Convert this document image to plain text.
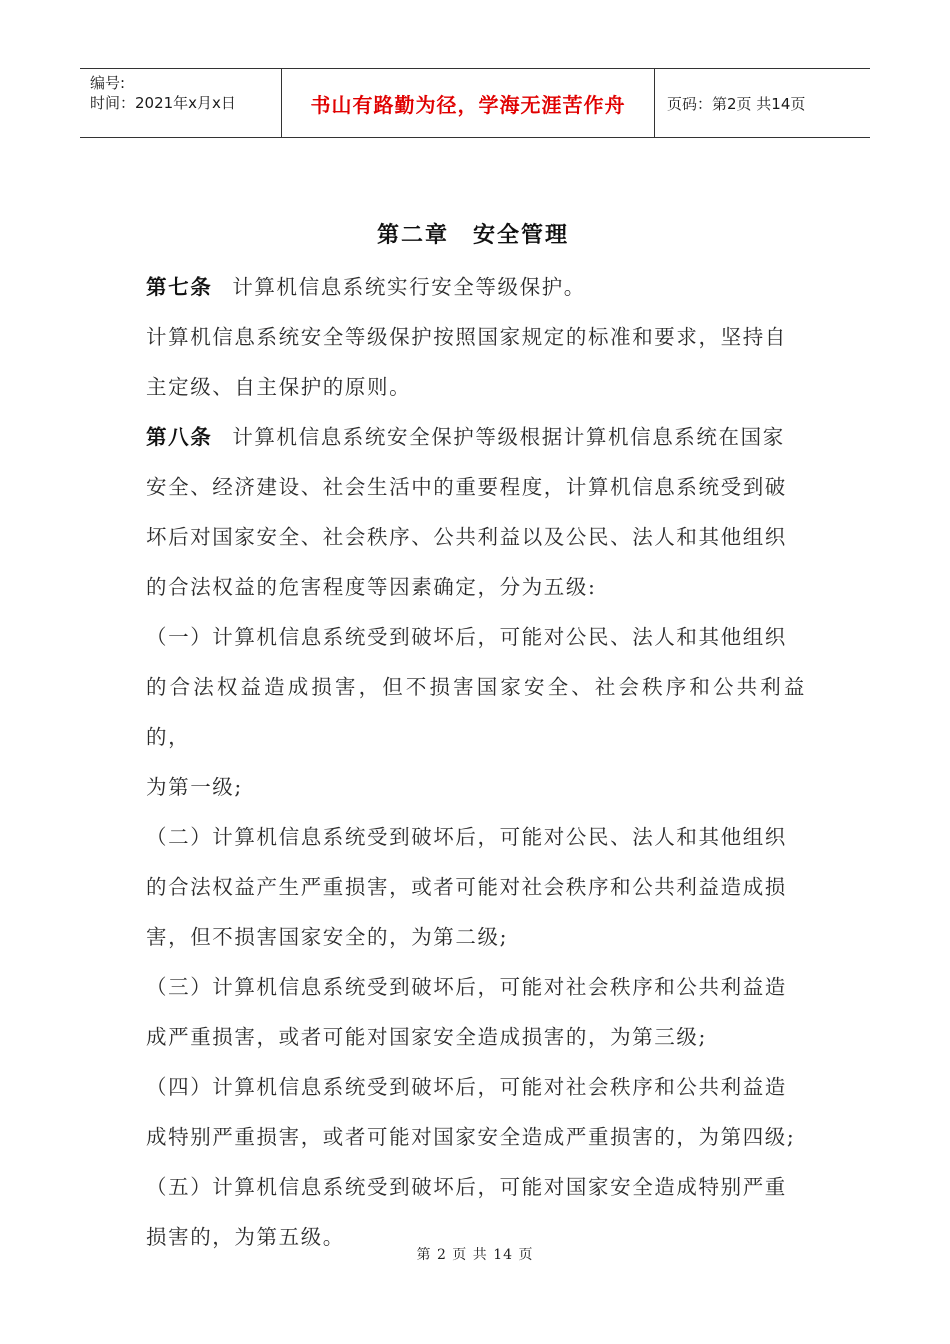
编号:
时间：2021年x月x日	书山有路勤为径，学海无涯苦作舟	页码：第2页 共14页
第二章　安全管理

第七条 计算机信息系统实行安全等级保护。

计算机信息系统安全等级保护按照国家规定的标准和要求，坚持自

主定级、自主保护的原则。

第八条 计算机信息系统安全保护等级根据计算机信息系统在国家

安全、经济建设、社会生活中的重要程度，计算机信息系统受到破

坏后对国家安全、社会秩序、公共利益以及公民、法人和其他组织

的合法权益的危害程度等因素确定，分为五级:

（一）计算机信息系统受到破坏后，可能对公民、法人和其他组织

的合法权益造成损害，但不损害国家安全、社会秩序和公共利益的，

为第一级;

（二）计算机信息系统受到破坏后，可能对公民、法人和其他组织

的合法权益产生严重损害，或者可能对社会秩序和公共利益造成损

害，但不损害国家安全的，为第二级;

（三）计算机信息系统受到破坏后，可能对社会秩序和公共利益造

成严重损害，或者可能对国家安全造成损害的，为第三级;

（四）计算机信息系统受到破坏后，可能对社会秩序和公共利益造

成特别严重损害，或者可能对国家安全造成严重损害的，为第四级;

（五）计算机信息系统受到破坏后，可能对国家安全造成特别严重

损害的，为第五级。

第 2 页 共 14 页
